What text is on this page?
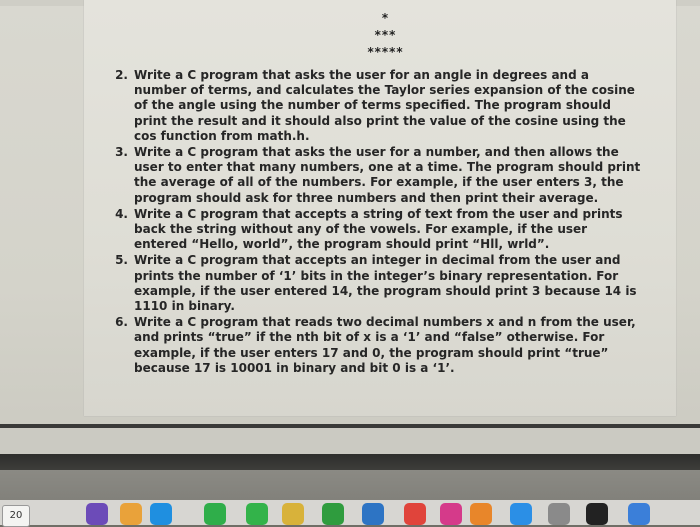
*
***
*****
2. Write a C program that asks the user for an angle in degrees and a number of terms, and calculates the Taylor series expansion of the cosine of the angle using the number of terms specified. The program should print the result and it should also print the value of the cosine using the cos function from math.h.
3. Write a C program that asks the user for a number, and then allows the user to enter that many numbers, one at a time. The program should print the average of all of the numbers. For example, if the user enters 3, the program should ask for three numbers and then print their average.
4. Write a C program that accepts a string of text from the user and prints back the string without any of the vowels. For example, if the user entered “Hello, world”, the program should print “Hll, wrld”.
5. Write a C program that accepts an integer in decimal from the user and prints the number of ‘1’ bits in the integer’s binary representation. For example, if the user entered 14, the program should print 3 because 14 is 1110 in binary.
6. Write a C program that reads two decimal numbers x and n from the user, and prints “true” if the nth bit of x is a ‘1’ and “false” otherwise. For example, if the user enters 17 and 0, the program should print “true” because 17 is 10001 in binary and bit 0 is a ‘1’.
20
